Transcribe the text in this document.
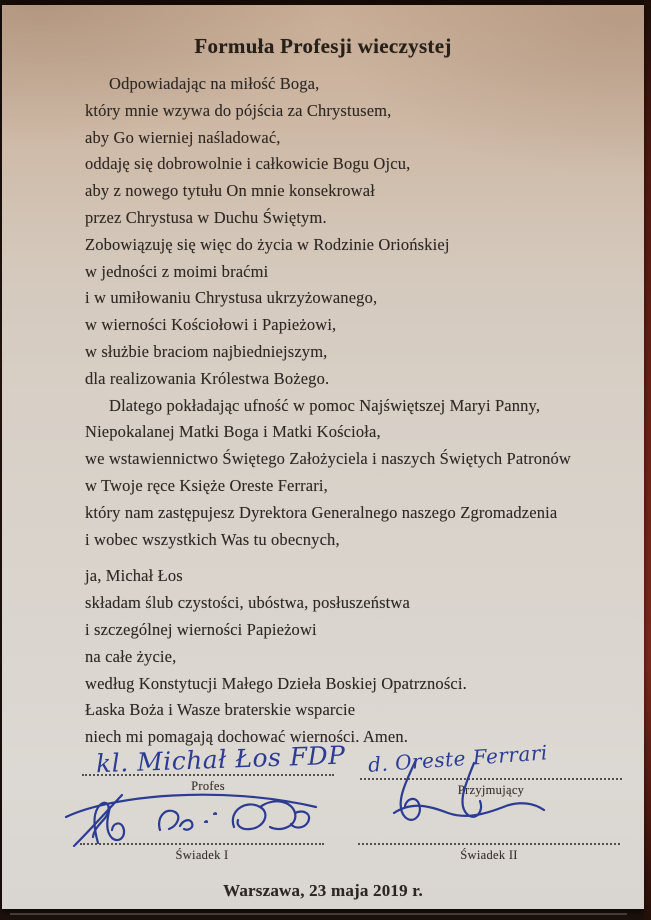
Formuła Profesji wieczystej
Odpowiadając na miłość Boga,
który mnie wzywa do pójścia za Chrystusem,
aby Go wierniej naśladować,
oddaję się dobrowolnie i całkowicie Bogu Ojcu,
aby z nowego tytułu On mnie konsekrował
przez Chrystusa w Duchu Świętym.
Zobowiązuję się więc do życia w Rodzinie Oriońskiej
w jedności z moimi braćmi
i w umiłowaniu Chrystusa ukrzyżowanego,
w wierności Kościołowi i Papieżowi,
w służbie braciom najbiedniejszym,
dla realizowania Królestwa Bożego.
Dlatego pokładając ufność w pomoc Najświętszej Maryi Panny,
Niepokalanej Matki Boga i Matki Kościoła,
we wstawiennictwo Świętego Założyciela i naszych Świętych Patronów
w Twoje ręce Księże Oreste Ferrari,
który nam zastępujesz Dyrektora Generalnego naszego Zgromadzenia
i wobec wszystkich Was tu obecnych,
ja, Michał Łos
składam ślub czystości, ubóstwa, posłuszeństwa
i szczególnej wierności Papieżowi
na całe życie,
według Konstytucji Małego Dzieła Boskiej Opatrzności.
Łaska Boża i Wasze braterskie wsparcie
niech mi pomagają dochować wierności. Amen.
kl. Michał Łos FDP
Profes
d. Oreste Ferrari
Przyjmujący
Świadek I	Świadek II
Warszawa, 23 maja 2019 r.
